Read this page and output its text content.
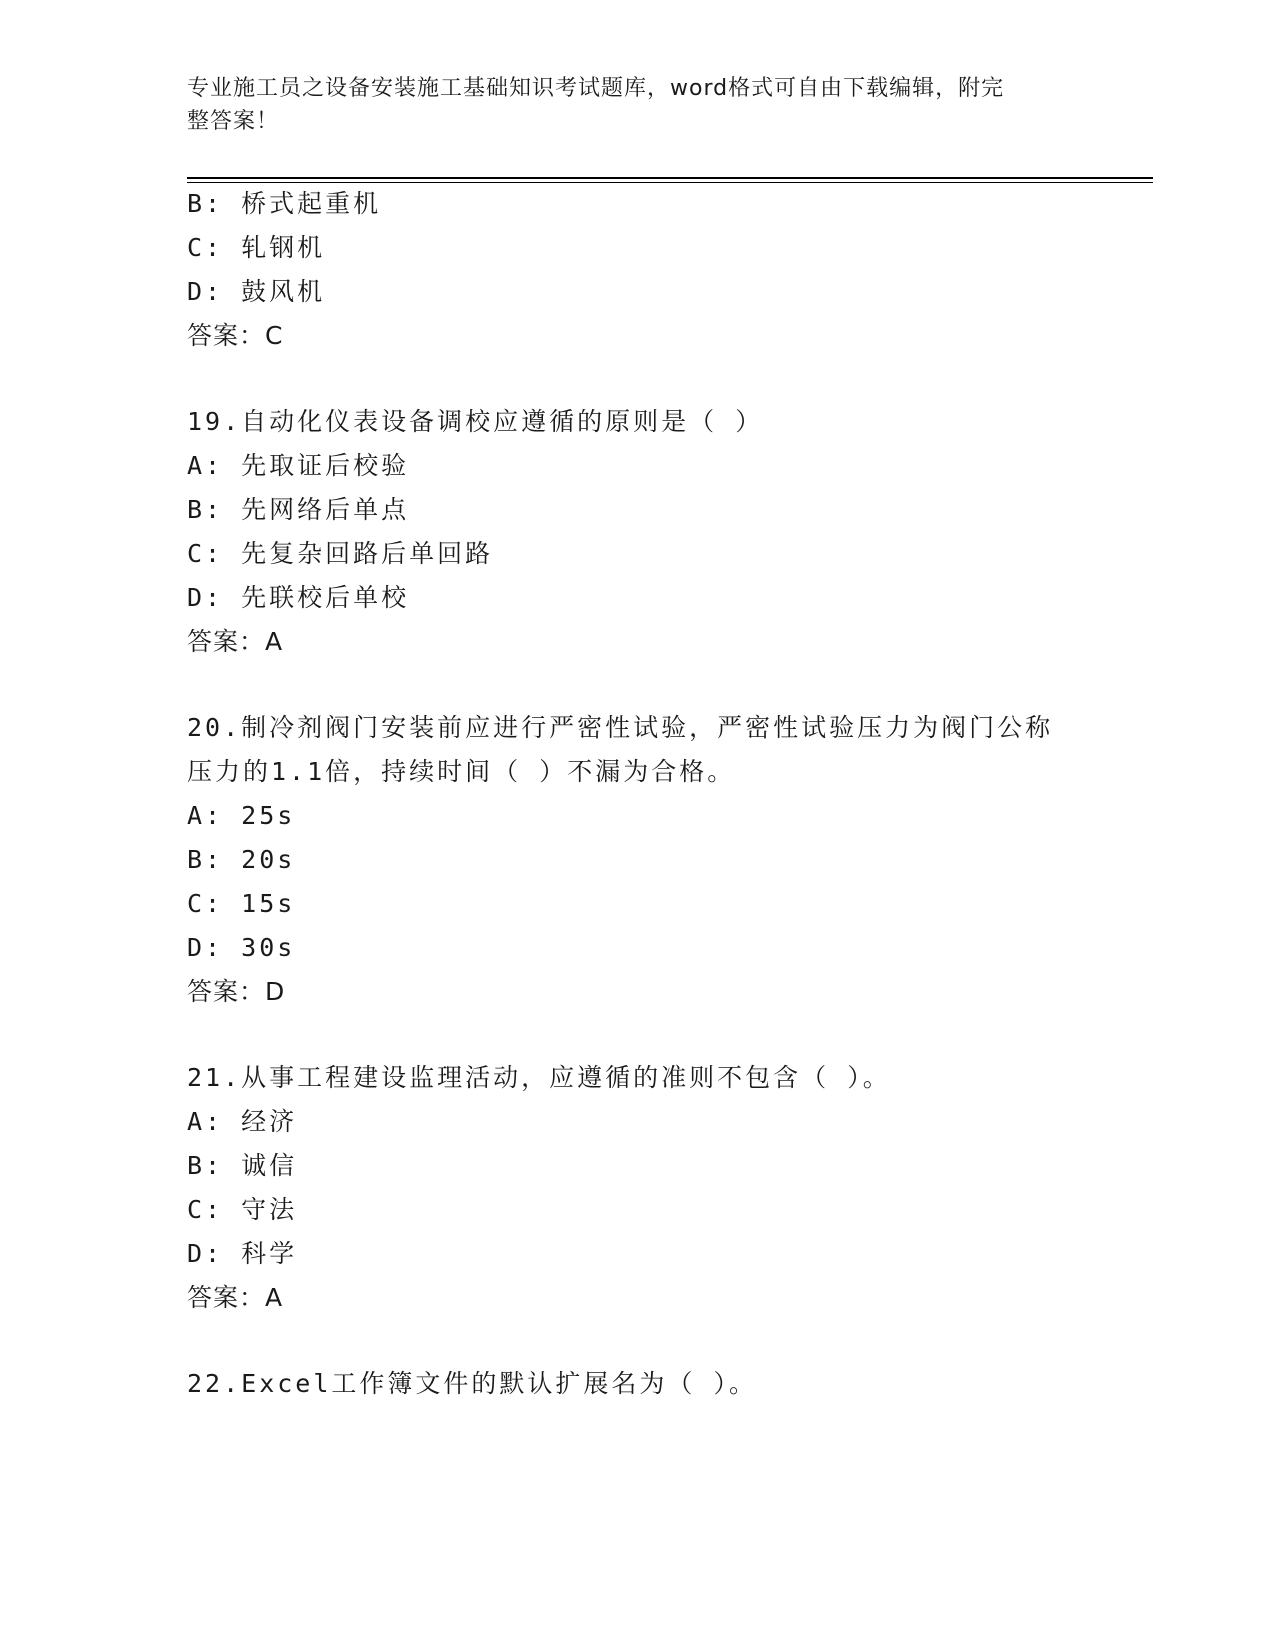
专业施工员之设备安装施工基础知识考试题库，word格式可自由下载编辑，附完
整答案！
B: 桥式起重机
C: 轧钢机
D: 鼓风机
答案：C
19.自动化仪表设备调校应遵循的原则是（ ）
A: 先取证后校验
B: 先网络后单点
C: 先复杂回路后单回路
D: 先联校后单校
答案：A
20.制冷剂阀门安装前应进行严密性试验，严密性试验压力为阀门公称
压力的1.1倍，持续时间（ ）不漏为合格。
A: 25s
B: 20s
C: 15s
D: 30s
答案：D
21.从事工程建设监理活动，应遵循的准则不包含（ ）。
A: 经济
B: 诚信
C: 守法
D: 科学
答案：A
22.Excel工作簿文件的默认扩展名为（ ）。
